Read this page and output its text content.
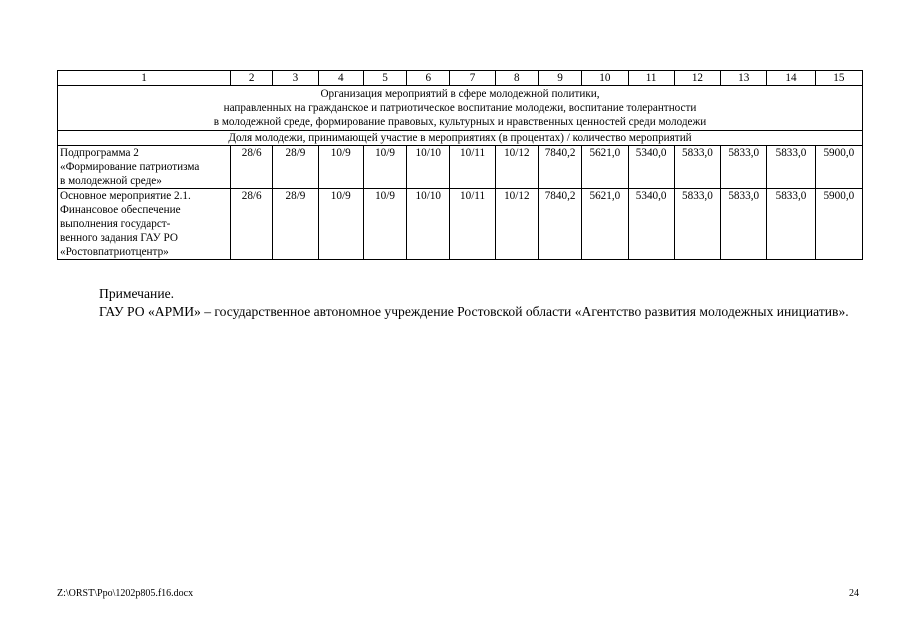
1	2	3	4	5	6	7	8	9	10	11	12	13	14	15

Организация мероприятий в сфере молодежной политики,
направленных на гражданское и патриотическое воспитание молодежи, воспитание толерантности
в молодежной среде, формирование правовых, культурных и нравственных ценностей среди молодежи														

Доля молодежи, принимающей участие в мероприятиях (в процентах) / количество мероприятий														

Подпрограмма 2
«Формирование патриотизма
в молодежной среде»	28/6	28/9	10/9	10/9	10/10	10/11	10/12	7840,2	5621,0	5340,0	5833,0	5833,0	5833,0	5900,0

Основное мероприятие 2.1.
Финансовое обеспечение
выполнения государст-
венного задания ГАУ РО
«Ростовпатриотцентр»	28/6	28/9	10/9	10/9	10/10	10/11	10/12	7840,2	5621,0	5340,0	5833,0	5833,0	5833,0	5900,0
Примечание.
ГАУ РО «АРМИ» – государственное автономное учреждение Ростовской области «Агентство развития молодежных инициатив».
Z:\ORST\Ppo\1202p805.f16.docx	24
